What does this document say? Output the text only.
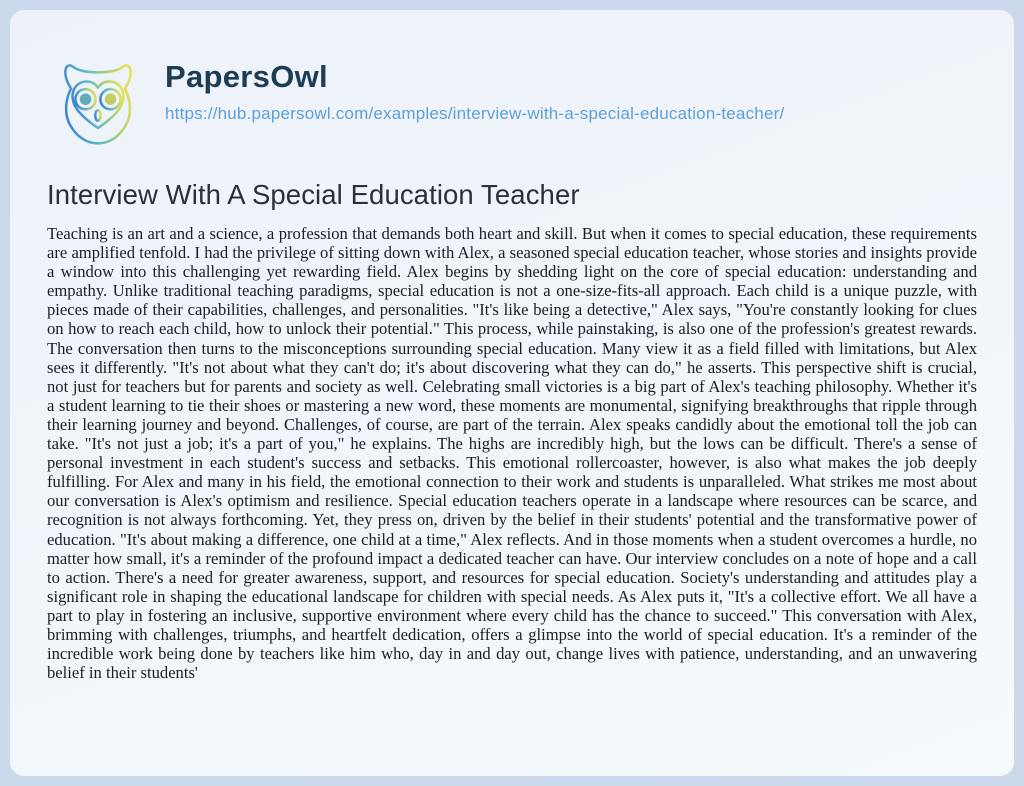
PapersOwl
https://hub.papersowl.com/examples/interview-with-a-special-education-teacher/
Interview With A Special Education Teacher

Teaching is an art and a science, a profession that demands both heart and skill. But when it comes to special education, these requirements are amplified tenfold. I had the privilege of sitting down with Alex, a seasoned special education teacher, whose stories and insights provide a window into this challenging yet rewarding field. Alex begins by shedding light on the core of special education: understanding and empathy. Unlike traditional teaching paradigms, special education is not a one-size-fits-all approach. Each child is a unique puzzle, with pieces made of their capabilities, challenges, and personalities. "It's like being a detective," Alex says, "You're constantly looking for clues on how to reach each child, how to unlock their potential." This process, while painstaking, is also one of the profession's greatest rewards. The conversation then turns to the misconceptions surrounding special education. Many view it as a field filled with limitations, but Alex sees it differently. "It's not about what they can't do; it's about discovering what they can do," he asserts. This perspective shift is crucial, not just for teachers but for parents and society as well. Celebrating small victories is a big part of Alex's teaching philosophy. Whether it's a student learning to tie their shoes or mastering a new word, these moments are monumental, signifying breakthroughs that ripple through their learning journey and beyond. Challenges, of course, are part of the terrain. Alex speaks candidly about the emotional toll the job can take. "It's not just a job; it's a part of you," he explains. The highs are incredibly high, but the lows can be difficult. There's a sense of personal investment in each student's success and setbacks. This emotional rollercoaster, however, is also what makes the job deeply fulfilling. For Alex and many in his field, the emotional connection to their work and students is unparalleled. What strikes me most about our conversation is Alex's optimism and resilience. Special education teachers operate in a landscape where resources can be scarce, and recognition is not always forthcoming. Yet, they press on, driven by the belief in their students' potential and the transformative power of education. "It's about making a difference, one child at a time," Alex reflects. And in those moments when a student overcomes a hurdle, no matter how small, it's a reminder of the profound impact a dedicated teacher can have. Our interview concludes on a note of hope and a call to action. There's a need for greater awareness, support, and resources for special education. Society's understanding and attitudes play a significant role in shaping the educational landscape for children with special needs. As Alex puts it, "It's a collective effort. We all have a part to play in fostering an inclusive, supportive environment where every child has the chance to succeed." This conversation with Alex, brimming with challenges, triumphs, and heartfelt dedication, offers a glimpse into the world of special education. It's a reminder of the incredible work being done by teachers like him who, day in and day out, change lives with patience, understanding, and an unwavering belief in their students'
